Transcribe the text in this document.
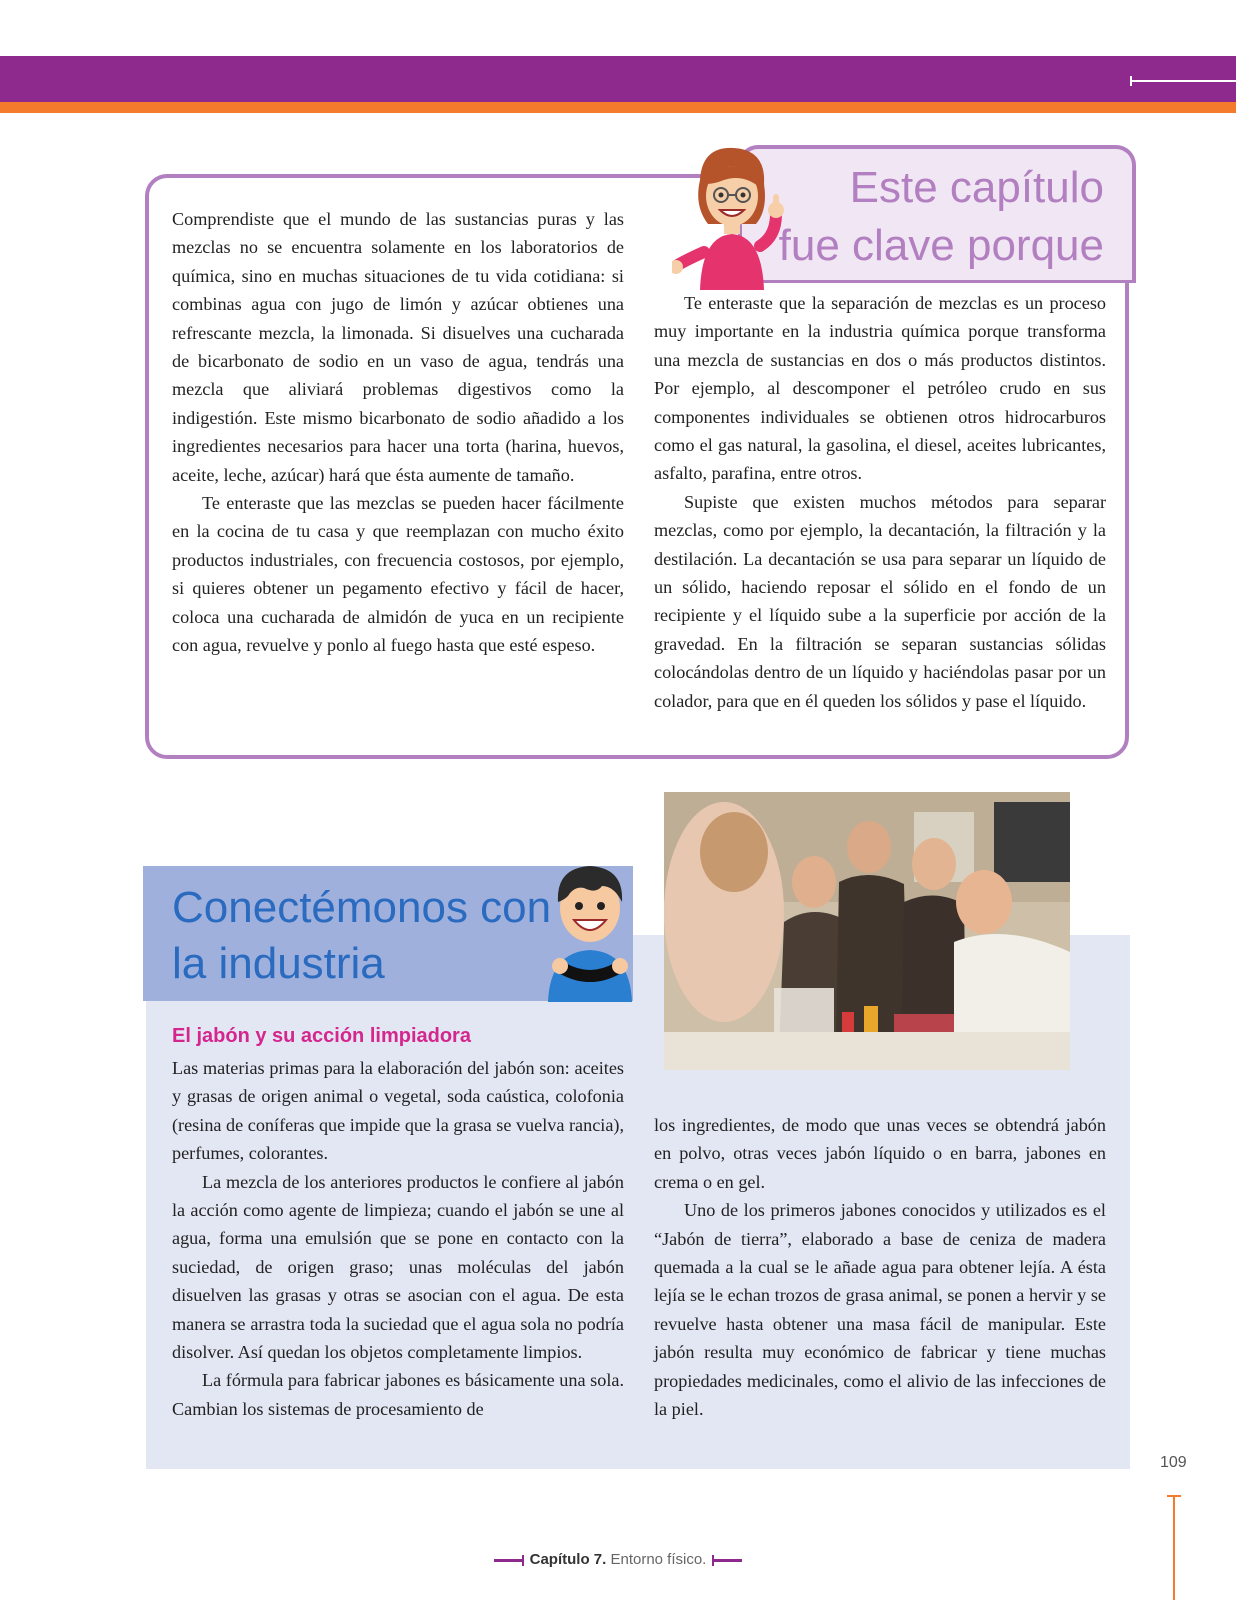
Este capítulo
fue clave porque

Comprendiste que el mundo de las sustancias puras y las mezclas no se encuentra solamente en los laboratorios de química, sino en muchas situaciones de tu vida cotidiana: si combinas agua con jugo de limón y azúcar obtienes una refrescante mezcla, la limonada. Si disuelves una cucharada de bicarbonato de sodio en un vaso de agua, tendrás una mezcla que aliviará problemas digestivos como la indigestión. Este mismo bicarbonato de sodio añadido a los ingredientes necesarios para hacer una torta (harina, huevos, aceite, leche, azúcar) hará que ésta aumente de tamaño.

Te enteraste que las mezclas se pueden hacer fácilmente en la cocina de tu casa y que reemplazan con mucho éxito productos industriales, con frecuencia costosos, por ejemplo, si quieres obtener un pegamento efectivo y fácil de hacer, coloca una cucharada de almidón de yuca en un recipiente con agua, revuelve y ponlo al fuego hasta que esté espeso.

Te enteraste que la separación de mezclas es un proceso muy importante en la industria química porque transforma una mezcla de sustancias en dos o más productos distintos. Por ejemplo, al descomponer el petróleo crudo en sus componentes individuales se obtienen otros hidrocarburos como el gas natural, la gasolina, el diesel, aceites lubricantes, asfalto, parafina, entre otros.

Supiste que existen muchos métodos para separar mezclas, como por ejemplo, la decantación, la filtración y la destilación. La decantación se usa para separar un líquido de un sólido, haciendo reposar el sólido en el fondo de un recipiente y el líquido sube a la superficie por acción de la gravedad. En la filtración se separan sustancias sólidas colocándolas dentro de un líquido y haciéndolas pasar por un colador, para que en él queden los sólidos y pase el líquido.

Conectémonos con
la industria
El jabón y su acción limpiadora

Las materias primas para la elaboración del jabón son: aceites y grasas de origen animal o vegetal, soda caústica, colofonia (resina de coníferas que impide que la grasa se vuelva rancia), perfumes, colorantes.

La mezcla de los anteriores productos le confiere al jabón la acción como agente de limpieza; cuando el jabón se une al agua, forma una emulsión que se pone en contacto con la suciedad, de origen graso; unas moléculas del jabón disuelven las grasas y otras se asocian con el agua. De esta manera se arrastra toda la suciedad que el agua sola no podría disolver. Así quedan los objetos completamente limpios.

La fórmula para fabricar jabones es básicamente una sola. Cambian los sistemas de procesamiento de

los ingredientes, de modo que unas veces se obtendrá jabón en polvo, otras veces jabón líquido o en barra, jabones en crema o en gel.

Uno de los primeros jabones conocidos y utilizados es el “Jabón de tierra”, elaborado a base de ceniza de madera quemada a la cual se le añade agua para obtener lejía. A ésta lejía se le echan trozos de grasa animal, se ponen a hervir y se revuelve hasta obtener una masa fácil de manipular. Este jabón resulta muy económico de fabricar y tiene muchas propiedades medicinales, como el alivio de las infecciones de la piel.

109
Capítulo 7. Entorno físico.
